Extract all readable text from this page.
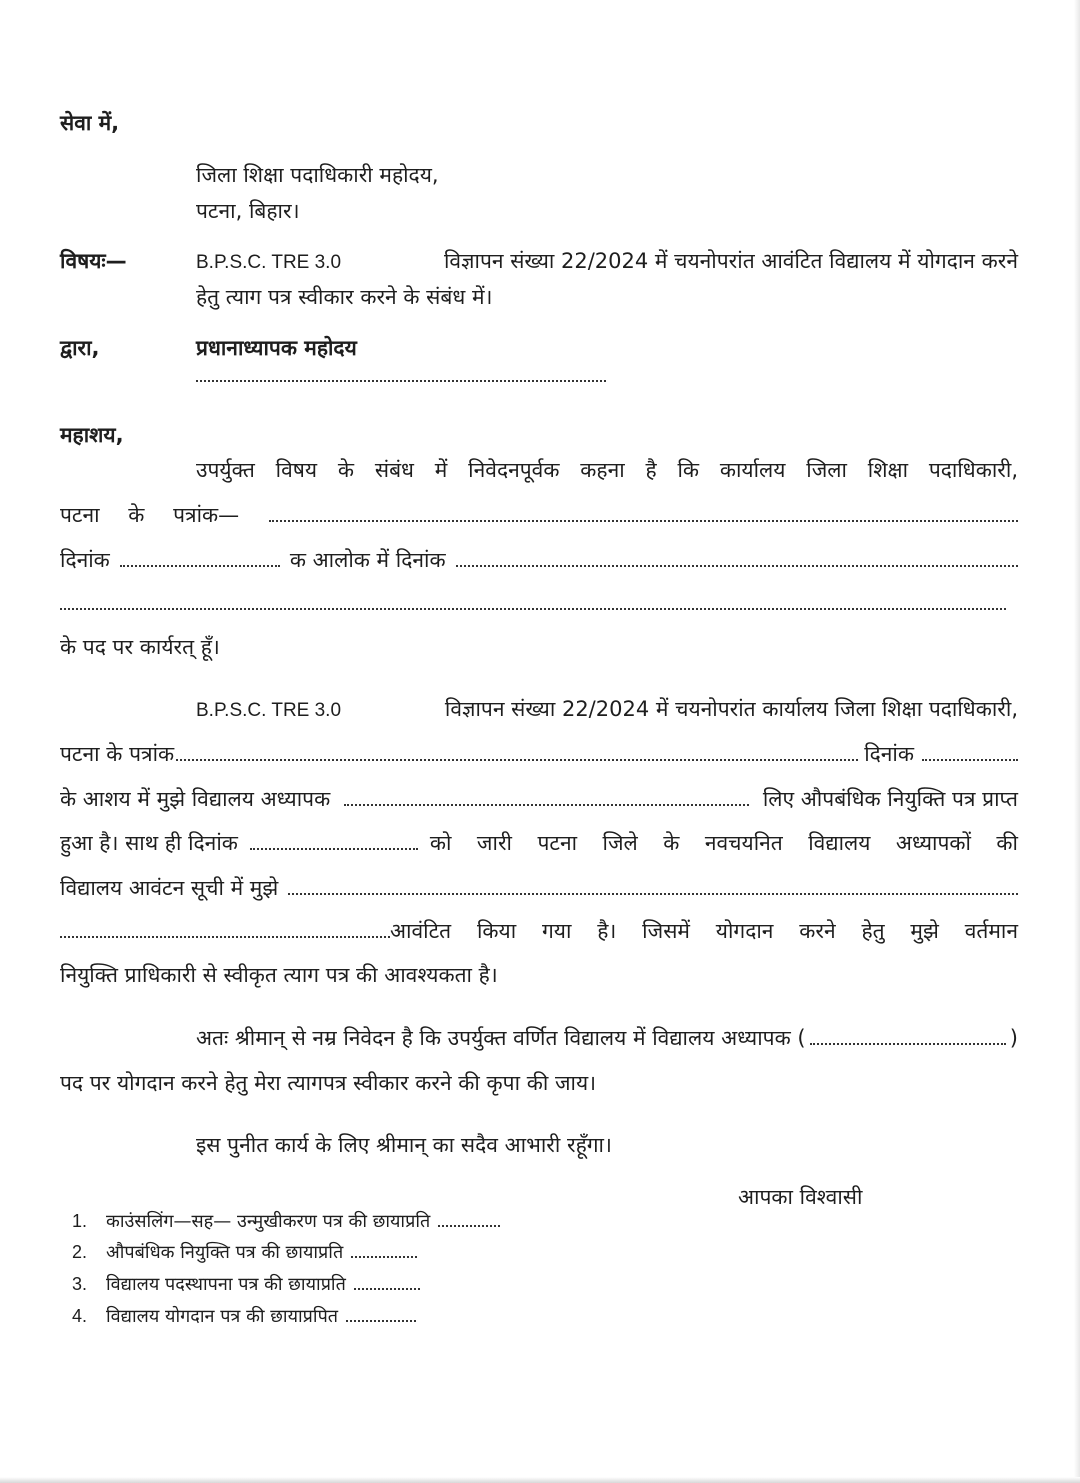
सेवा में,
जिला शिक्षा पदाधिकारी महोदय,
पटना, बिहार।
विषयः—	B.P.S.C. TRE 3.0	विज्ञापन संख्या 22/2024 में चयनोपरांत आवंटित विद्यालय में योगदान करने
हेतु त्याग पत्र स्वीकार करने के संबंध में।
द्वारा,	प्रधानाध्यापक महोदय
महाशय,
उपर्युक्त विषय के संबंध में निवेदनपूर्वक कहना है कि कार्यालय जिला शिक्षा पदाधिकारी,
पटना के पत्रांक—
दिनांक	क आलोक में दिनांक
के पद पर कार्यरत् हूँ।
B.P.S.C. TRE 3.0	विज्ञापन संख्या 22/2024 में चयनोपरांत कार्यालय जिला शिक्षा पदाधिकारी,
पटना के पत्रांक	दिनांक
के आशय में मुझे विद्यालय अध्यापक	लिए औपबंधिक नियुक्ति पत्र प्राप्त
हुआ है। साथ ही दिनांक	को जारी पटना जिले के नवचयनित विद्यालय अध्यापकों की
विद्यालय आवंटन सूची में मुझे
आवंटित किया गया है। जिसमें योगदान करने हेतु मुझे वर्तमान
नियुक्ति प्राधिकारी से स्वीकृत त्याग पत्र की आवश्यकता है।
अतः श्रीमान् से नम्र निवेदन है कि उपर्युक्त वर्णित विद्यालय में विद्यालय अध्यापक (	)
पद पर योगदान करने हेतु मेरा त्यागपत्र स्वीकार करने की कृपा की जाय।
इस पुनीत कार्य के लिए श्रीमान् का सदैव आभारी रहूँगा।
आपका विश्वासी
1. काउंसलिंग—सह— उन्मुखीकरण पत्र की छायाप्रति
2. औपबंधिक नियुक्ति पत्र की छायाप्रति
3. विद्यालय पदस्थापना पत्र की छायाप्रति
4. विद्यालय योगदान पत्र की छायाप्रपित
